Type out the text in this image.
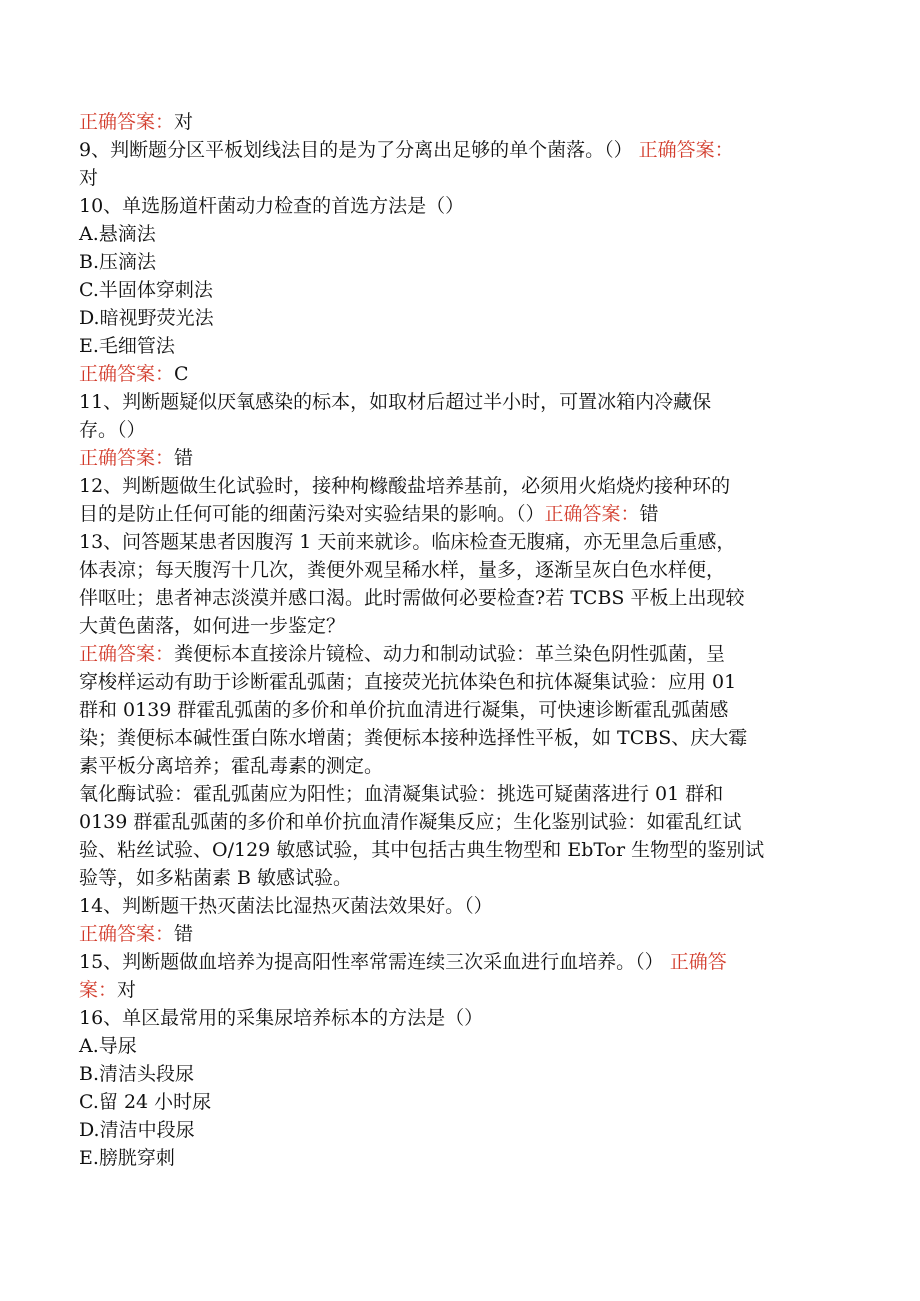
正确答案：对
9、判断题分区平板划线法目的是为了分离出足够的单个菌落。（） 正确答案：
对
10、单选肠道杆菌动力检查的首选方法是（）
A.悬滴法
B.压滴法
C.半固体穿刺法
D.暗视野荧光法
E.毛细管法
正确答案：C
11、判断题疑似厌氧感染的标本，如取材后超过半小时，可置冰箱内冷藏保
存。（）
正确答案：错
12、判断题做生化试验时，接种枸橼酸盐培养基前，必须用火焰烧灼接种环的
目的是防止任何可能的细菌污染对实验结果的影响。（）正确答案：错
13、问答题某患者因腹泻 1 天前来就诊。临床检查无腹痛，亦无里急后重感，
体表凉；每天腹泻十几次，粪便外观呈稀水样，量多，逐渐呈灰白色水样便，
伴呕吐；患者神志淡漠并感口渴。此时需做何必要检查?若 TCBS 平板上出现较
大黄色菌落，如何进一步鉴定？
正确答案：粪便标本直接涂片镜检、动力和制动试验：革兰染色阴性弧菌，呈
穿梭样运动有助于诊断霍乱弧菌；直接荧光抗体染色和抗体凝集试验：应用 01
群和 0139 群霍乱弧菌的多价和单价抗血清进行凝集，可快速诊断霍乱弧菌感
染；粪便标本碱性蛋白陈水增菌；粪便标本接种选择性平板，如 TCBS、庆大霉
素平板分离培养；霍乱毒素的测定。
氧化酶试验：霍乱弧菌应为阳性；血清凝集试验：挑选可疑菌落进行 01 群和
0139 群霍乱弧菌的多价和单价抗血清作凝集反应；生化鉴别试验：如霍乱红试
验、粘丝试验、O/129 敏感试验，其中包括古典生物型和 EbTor 生物型的鉴别试
验等，如多粘菌素 B 敏感试验。
14、判断题干热灭菌法比湿热灭菌法效果好。（）
正确答案：错
15、判断题做血培养为提高阳性率常需连续三次采血进行血培养。（） 正确答
案：对
16、单区最常用的采集尿培养标本的方法是（）
A.导尿
B.清洁头段尿
C.留 24 小时尿
D.清洁中段尿
E.膀胱穿刺
